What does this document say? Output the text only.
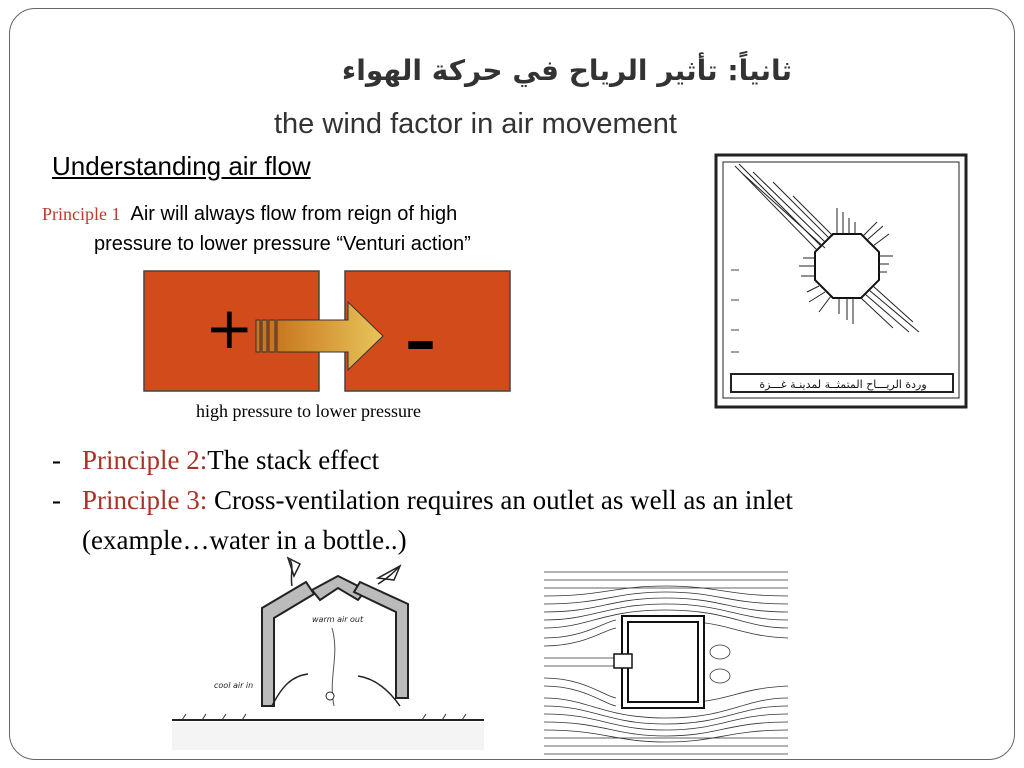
ثانياً: تأثير الرياح في حركة الهواء
the wind factor in air movement
Understanding air flow
Principle 1 Air will always flow from reign of high
pressure to lower pressure “Venturi action”
+ –
high pressure to lower pressure
- Principle 2:The stack effect
- Principle 3: Cross-ventilation requires an outlet as well as an inlet (example…water in a bottle..)
وردة الريـــاح المتمثــة لمدينـة غـــزة
warm air out
cool air in
